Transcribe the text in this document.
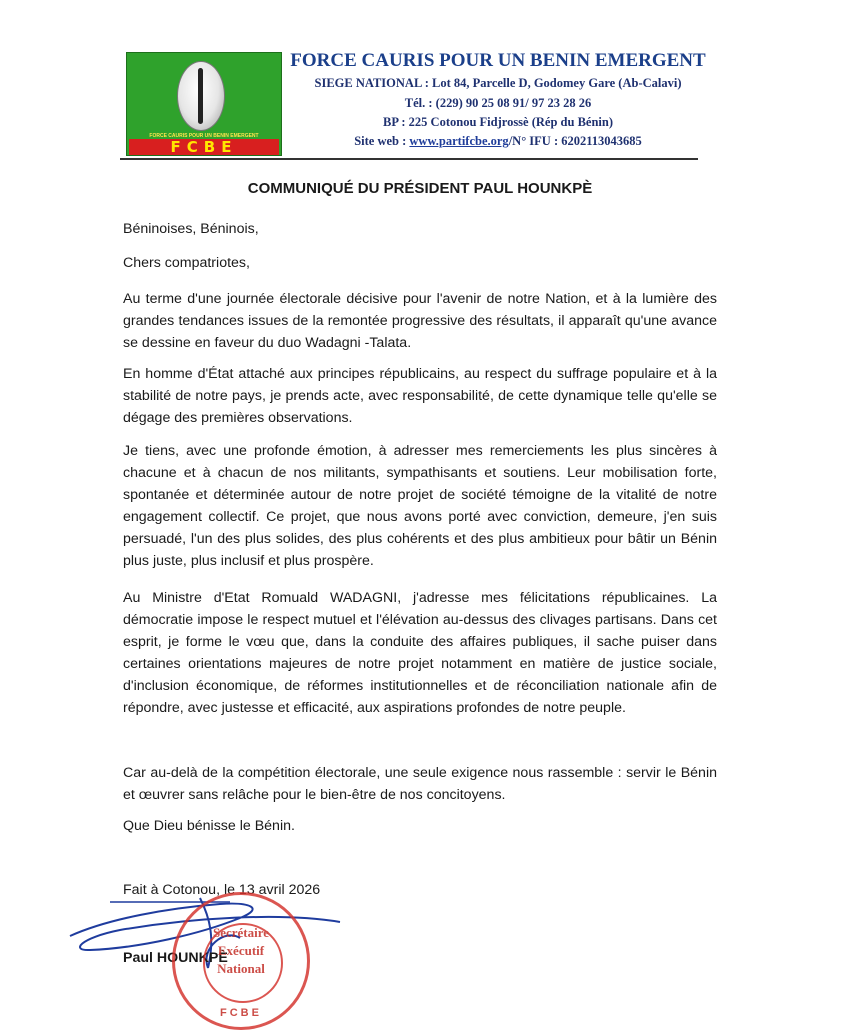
FORCE CAURIS POUR UN BENIN EMERGENT
FCBE
FORCE CAURIS POUR UN BENIN EMERGENT
SIEGE NATIONAL : Lot 84, Parcelle D, Godomey Gare (Ab-Calavi)
Tél. : (229) 90 25 08 91/ 97 23 28 26
BP : 225 Cotonou Fidjrossè (Rép du Bénin)
Site web : www.partifcbe.org/N° IFU : 6202113043685
COMMUNIQUÉ DU PRÉSIDENT PAUL HOUNKPÈ
Béninoises, Béninois,
Chers compatriotes,
Au terme d'une journée électorale décisive pour l'avenir de notre Nation, et à la lumière des grandes tendances issues de la remontée progressive des résultats, il apparaît qu'une avance se dessine en faveur du duo Wadagni -Talata.
En homme d'État attaché aux principes républicains, au respect du suffrage populaire et à la stabilité de notre pays, je prends acte, avec responsabilité, de cette dynamique telle qu'elle se dégage des premières observations.
Je tiens, avec une profonde émotion, à adresser mes remerciements les plus sincères à chacune et à chacun de nos militants, sympathisants et soutiens. Leur mobilisation forte, spontanée et déterminée autour de notre projet de société témoigne de la vitalité de notre engagement collectif. Ce projet, que nous avons porté avec conviction, demeure, j'en suis persuadé, l'un des plus solides, des plus cohérents et des plus ambitieux pour bâtir un Bénin plus juste, plus inclusif et plus prospère.
Au Ministre d'Etat Romuald WADAGNI, j'adresse mes félicitations républicaines. La démocratie impose le respect mutuel et l'élévation au-dessus des clivages partisans. Dans cet esprit, je forme le vœu que, dans la conduite des affaires publiques, il sache puiser dans certaines orientations majeures de notre projet notamment en matière de justice sociale, d'inclusion économique, de réformes institutionnelles et de réconciliation nationale afin de répondre, avec justesse et efficacité, aux aspirations profondes de notre peuple.
Car au-delà de la compétition électorale, une seule exigence nous rassemble : servir le Bénin et œuvrer sans relâche pour le bien-être de nos concitoyens.
Que Dieu bénisse le Bénin.
Fait à Cotonou, le 13 avril 2026
Paul HOUNKPÈ
Secrétaire
Exécutif
National
FCBE
